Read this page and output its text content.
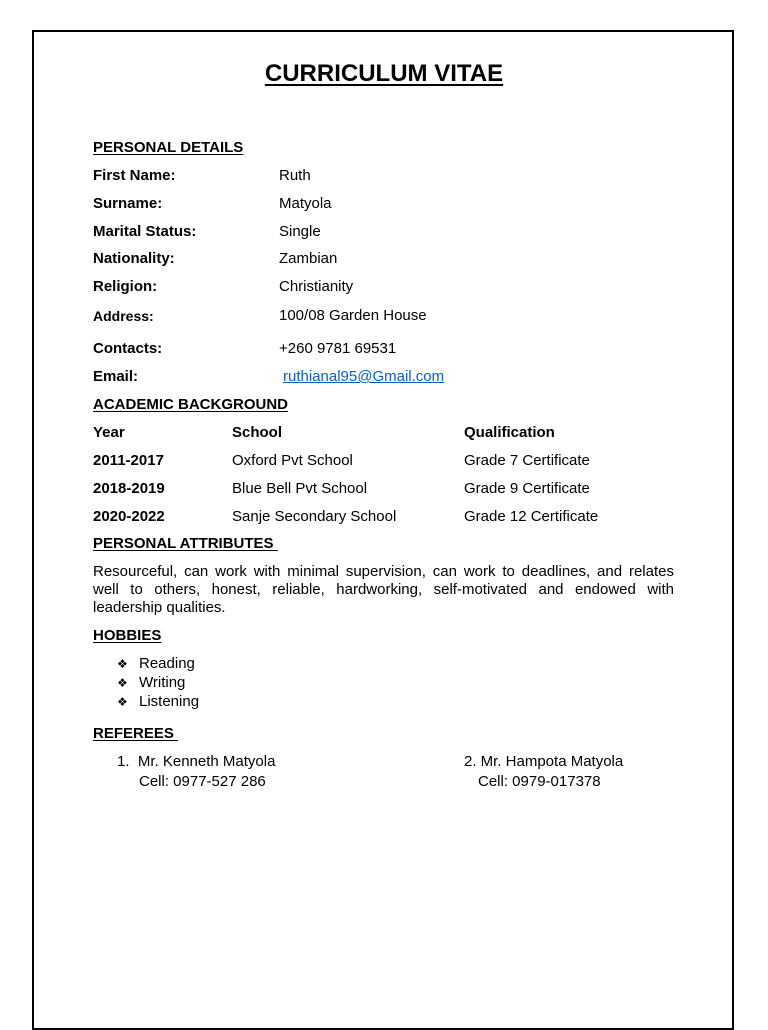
CURRICULUM VITAE
PERSONAL DETAILS
First Name:	Ruth
Surname:	Matyola
Marital Status:	Single
Nationality:	Zambian
Religion:	Christianity
Address:	100/08 Garden House
Contacts:	+260 9781 69531
Email:	ruthianal95@Gmail.com
ACADEMIC BACKGROUND
Year	School	Qualification
2011-2017	Oxford Pvt School	Grade 7 Certificate
2018-2019	Blue Bell Pvt School	Grade 9 Certificate
2020-2022	Sanje Secondary School	Grade 12 Certificate
PERSONAL ATTRIBUTES
Resourceful, can work with minimal supervision, can work to deadlines, and relates well to others, honest, reliable, hardworking, self-motivated and endowed with leadership qualities.
HOBBIES
❖ Reading
❖ Writing
❖ Listening
REFEREES
1.  Mr. Kenneth Matyola
Cell: 0977-527 286
2. Mr. Hampota Matyola
Cell: 0979-017378
